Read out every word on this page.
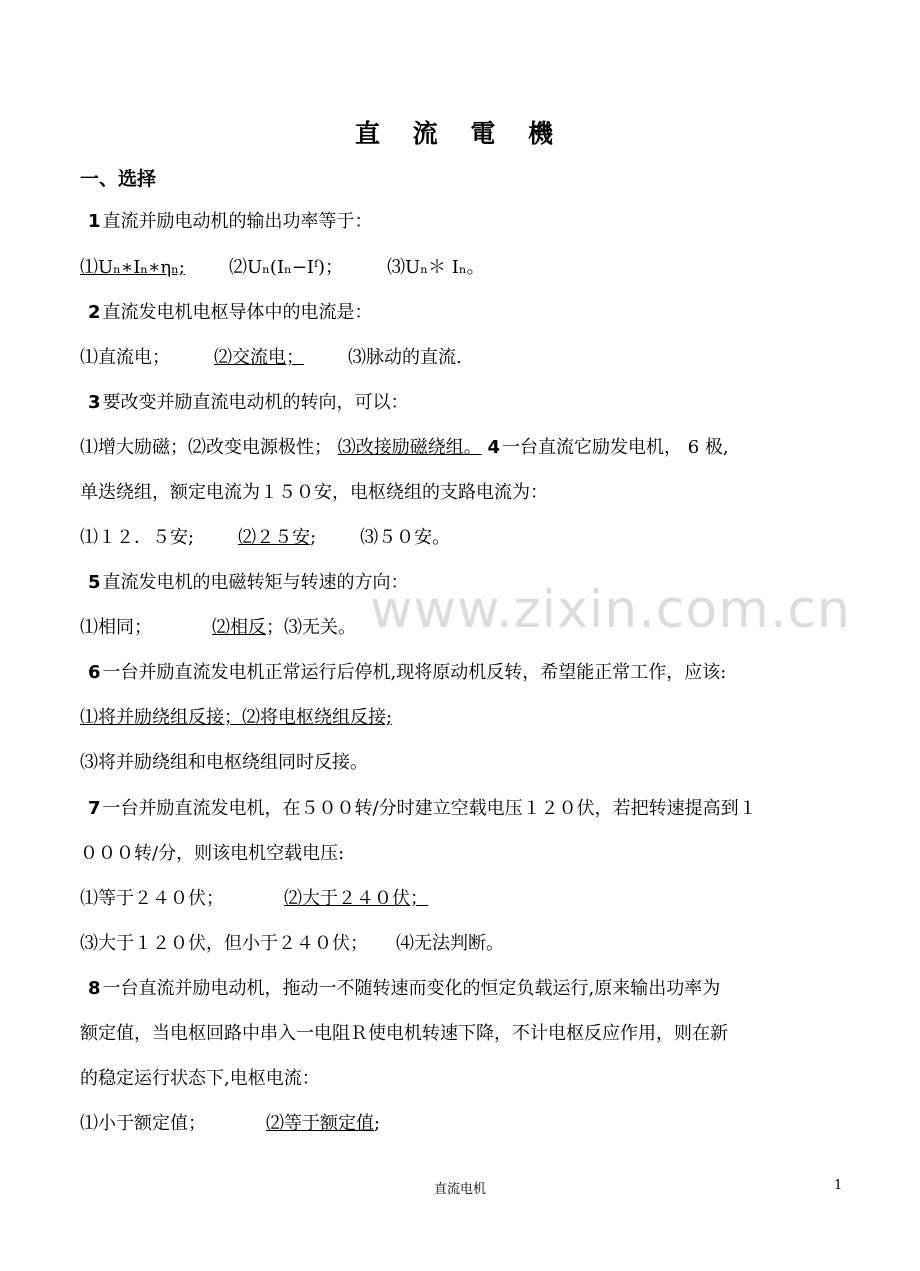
www.zixin.com.cn
直 流 電 機
一、选择
1 直流并励电动机的输出功率等于：
⑴Uₙ∗Iₙ∗ηₙ; ⑵Uₙ(Iₙ−Iᶠ)； ⑶Uₙ＊ Iₙ。
2 直流发电机电枢导体中的电流是：
⑴直流电； ⑵交流电； ⑶脉动的直流.
3 要改变并励直流电动机的转向，可以：
⑴增大励磁；⑵改变电源极性； ⑶改接励磁绕组。 4 一台直流它励发电机， 6 极,
单迭绕组，额定电流为１５０安，电枢绕组的支路电流为：
⑴１２．５安; ⑵２５安; ⑶５０安。
5 直流发电机的电磁转矩与转速的方向：
⑴相同；	⑵相反；⑶无关。
6 一台并励直流发电机正常运行后停机,现将原动机反转，希望能正常工作，应该:
⑴将并励绕组反接；⑵将电枢绕组反接;
⑶将并励绕组和电枢绕组同时反接。
7 一台并励直流发电机，在５００转/分时建立空载电压１２０伏，若把转速提高到１
０００转/分，则该电机空载电压:
⑴等于２４０伏；	⑵大于２４０伏；
⑶大于１２０伏，但小于２４０伏； ⑷无法判断。
8 一台直流并励电动机，拖动一不随转速而变化的恒定负载运行,原来输出功率为
额定值，当电枢回路中串入一电阻Ｒ使电机转速下降，不计电枢反应作用，则在新
的稳定运行状态下,电枢电流：
⑴小于额定值；	⑵等于额定值;
直流电机	1
